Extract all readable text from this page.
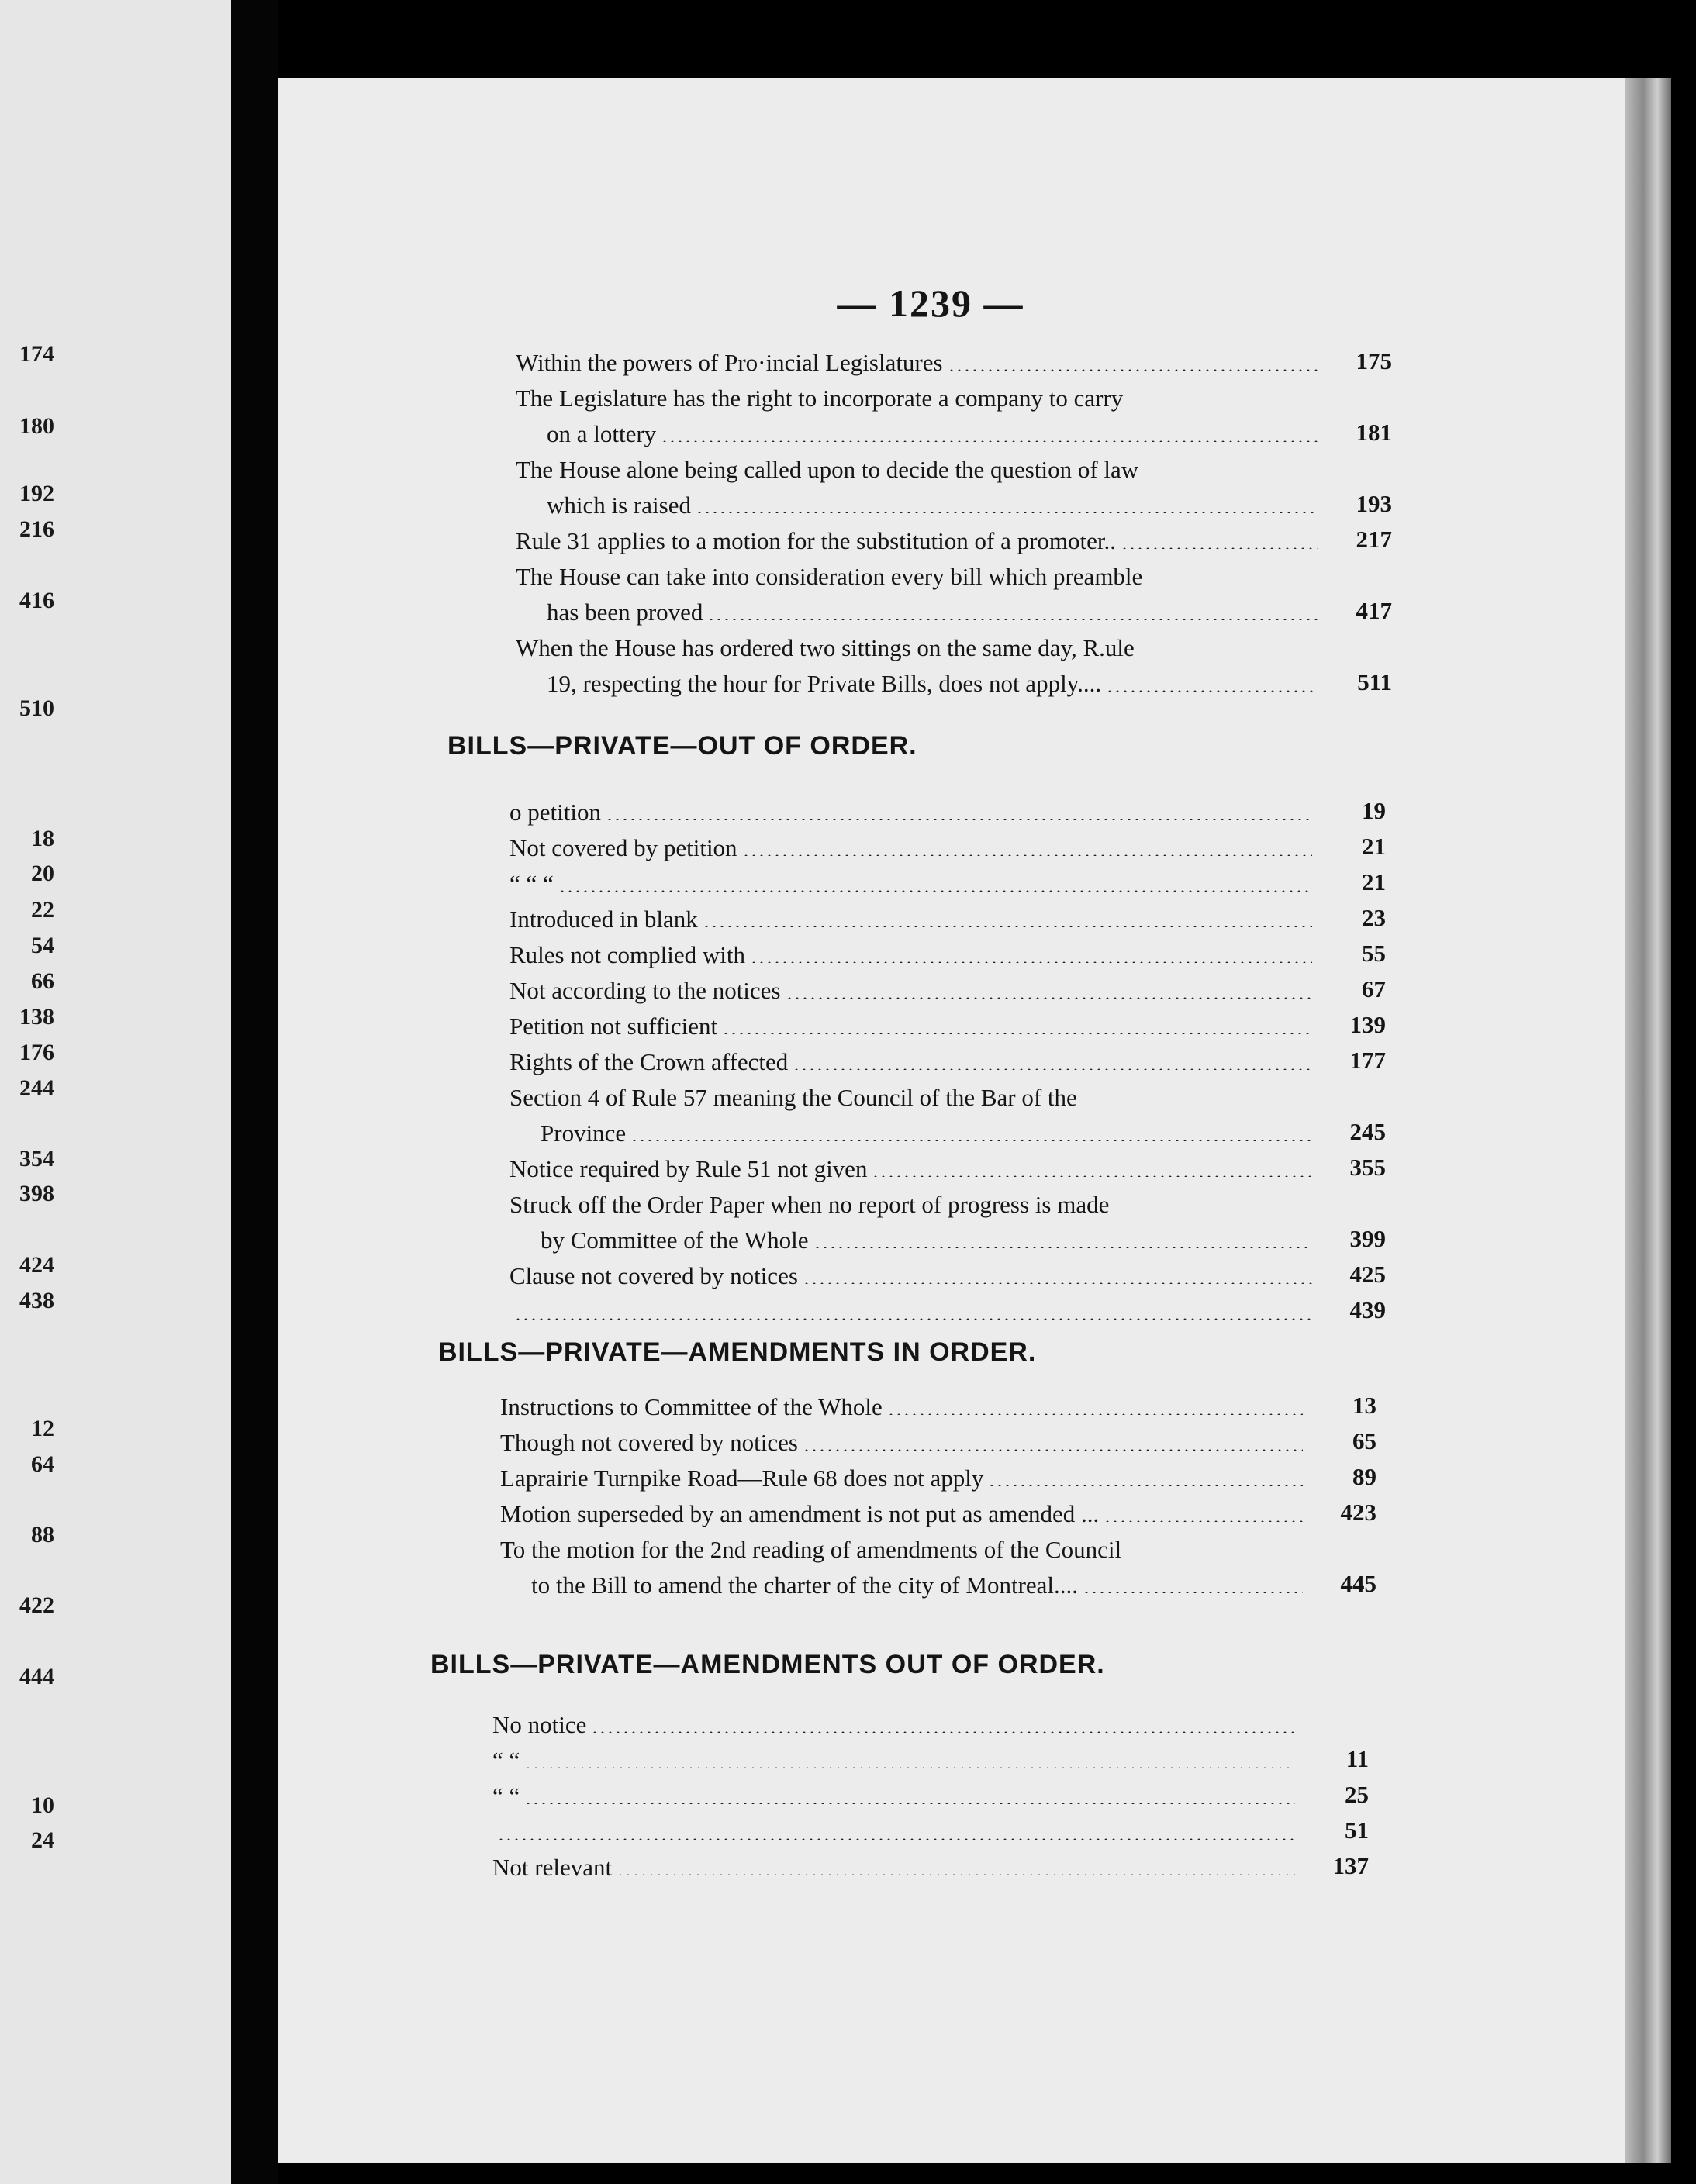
174
180
192
216
416
510
18
20
22
54
66
138
176
244
354
398
424
438
12
64
88
422
444
10
24
— 1239 —
Within the powers of Pro·incial Legislatures	175
The Legislature has the right to incorporate a company to carry
on a lottery	181
The House alone being called upon to decide the question of law
which is raised	193
Rule 31 applies to a motion for the substitution of a promoter..	217
The House can take into consideration every bill which preamble
has been proved	417
When the House has ordered two sittings on the same day, R.ule
19, respecting the hour for Private Bills, does not apply....	511
o petition	19
Not covered by petition	21
“ “ “	21
Introduced in blank	23
Rules not complied with	55
Not according to the notices	67
Petition not sufficient	139
Rights of the Crown affected	177
Section 4 of Rule 57 meaning the Council of the Bar of the
Province	245
Notice required by Rule 51 not given	355
Struck off the Order Paper when no report of progress is made
by Committee of the Whole	399
Clause not covered by notices	425
439
Instructions to Committee of the Whole	13
Though not covered by notices	65
Laprairie Turnpike Road—Rule 68 does not apply	89
Motion superseded by an amendment is not put as amended ...	423
To the motion for the 2nd reading of amendments of the Council
to the Bill to amend the charter of the city of Montreal....	445
No notice
“ “	11
“ “	25
51
Not relevant	137
BILLS—PRIVATE—OUT OF ORDER.
BILLS—PRIVATE—AMENDMENTS IN ORDER.
BILLS—PRIVATE—AMENDMENTS OUT OF ORDER.
